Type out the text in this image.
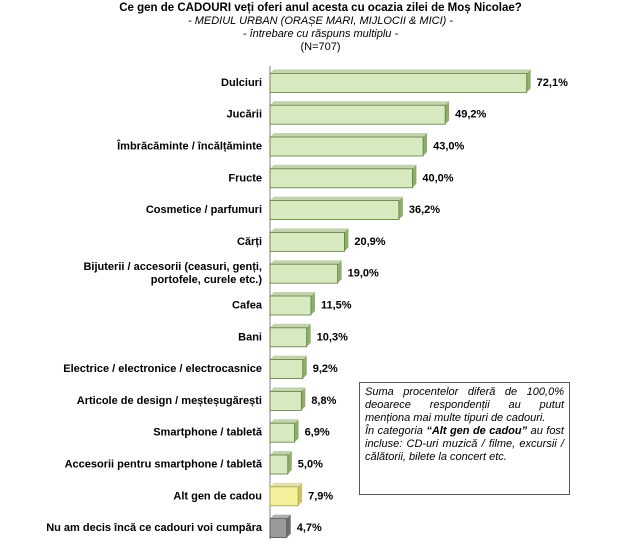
Ce gen de CADOURI veți oferi anul acesta cu ocazia zilei de Moș Nicolae?
- MEDIUL URBAN (ORAȘE MARI, MIJLOCII & MICI) -
- întrebare cu răspuns multiplu -
(N=707)
72,1%
Dulciuri
49,2%
Jucării
43,0%
Îmbrăcăminte / încălțăminte
40,0%
Fructe
36,2%
Cosmetice / parfumuri
20,9%
Cărți
19,0%
Bijuterii / accesorii (ceasuri, genți, portofele, curele etc.)
11,5%
Cafea
10,3%
Bani
9,2%
Electrice / electronice / electrocasnice
8,8%
Articole de design / meșteșugărești
6,9%
Smartphone / tabletă
5,0%
Accesorii pentru smartphone / tabletă
7,9%
Alt gen de cadou
4,7%
Nu am decis încă ce cadouri voi cumpăra

Suma procentelor diferă de 100,0% deoarece respondenții au putut menționa mai multe tipuri de cadouri.

În categoria “Alt gen de cadou” au fost incluse: CD-uri muzică / filme, excursii / călătorii, bilete la concert etc.
